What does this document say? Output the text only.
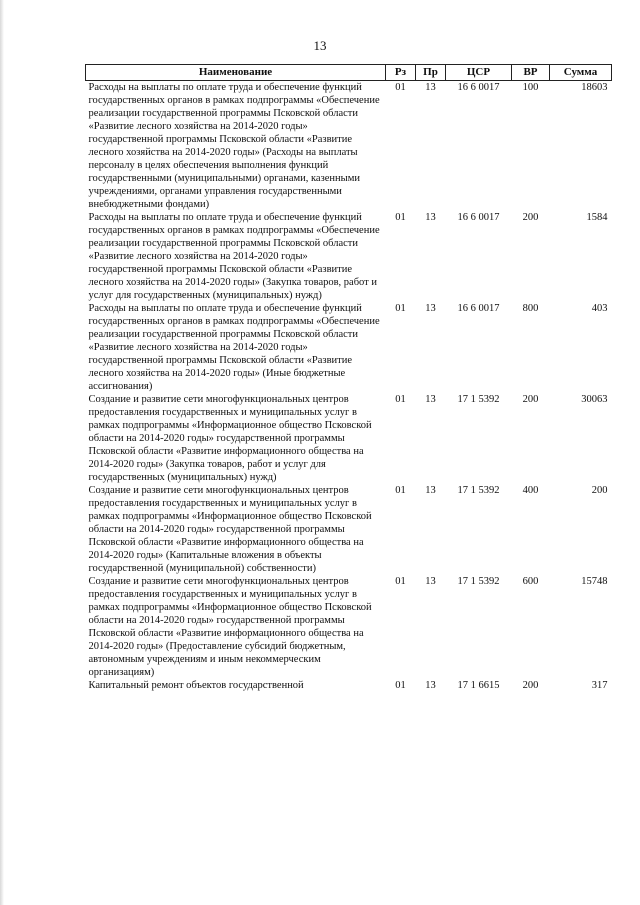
13
Наименование	Рз	Пр	ЦСР	ВР	Сумма
Расходы на выплаты по оплате труда и обеспечение функций государственных органов в рамках подпрограммы «Обеспечение реализации государственной программы Псковской области «Развитие лесного хозяйства на 2014-2020 годы» государственной программы Псковской области «Развитие лесного хозяйства на 2014-2020 годы» (Расходы на выплаты персоналу в целях обеспечения выполнения функций государственными (муниципальными) органами, казенными учреждениями, органами управления государственными внебюджетными фондами)	01	13	16 6 0017	100	18603
Расходы на выплаты по оплате труда и обеспечение функций государственных органов в рамках подпрограммы «Обеспечение реализации государственной программы Псковской области «Развитие лесного хозяйства на 2014-2020 годы» государственной программы Псковской области «Развитие лесного хозяйства на 2014-2020 годы» (Закупка товаров, работ и услуг для государственных (муниципальных) нужд)	01	13	16 6 0017	200	1584
Расходы на выплаты по оплате труда и обеспечение функций государственных органов в рамках подпрограммы «Обеспечение реализации государственной программы Псковской области «Развитие лесного хозяйства на 2014-2020 годы» государственной программы Псковской области «Развитие лесного хозяйства на 2014-2020 годы» (Иные бюджетные ассигнования)	01	13	16 6 0017	800	403
Создание и развитие сети многофункциональных центров предоставления государственных и муниципальных услуг в рамках подпрограммы «Информационное общество Псковской области на 2014-2020 годы» государственной программы Псковской области «Развитие информационного общества на 2014-2020 годы» (Закупка товаров, работ и услуг для государственных (муниципальных) нужд)	01	13	17 1 5392	200	30063
Создание и развитие сети многофункциональных центров предоставления государственных и муниципальных услуг в рамках подпрограммы «Информационное общество Псковской области на 2014-2020 годы» государственной программы Псковской области «Развитие информационного общества на 2014-2020 годы» (Капитальные вложения в объекты государственной (муниципальной) собственности)	01	13	17 1 5392	400	200
Создание и развитие сети многофункциональных центров предоставления государственных и муниципальных услуг в рамках подпрограммы «Информационное общество Псковской области на 2014-2020 годы» государственной программы Псковской области «Развитие информационного общества на 2014-2020 годы» (Предоставление субсидий бюджетным, автономным учреждениям и иным некоммерческим организациям)	01	13	17 1 5392	600	15748
Капитальный ремонт объектов государственной	01	13	17 1 6615	200	317
